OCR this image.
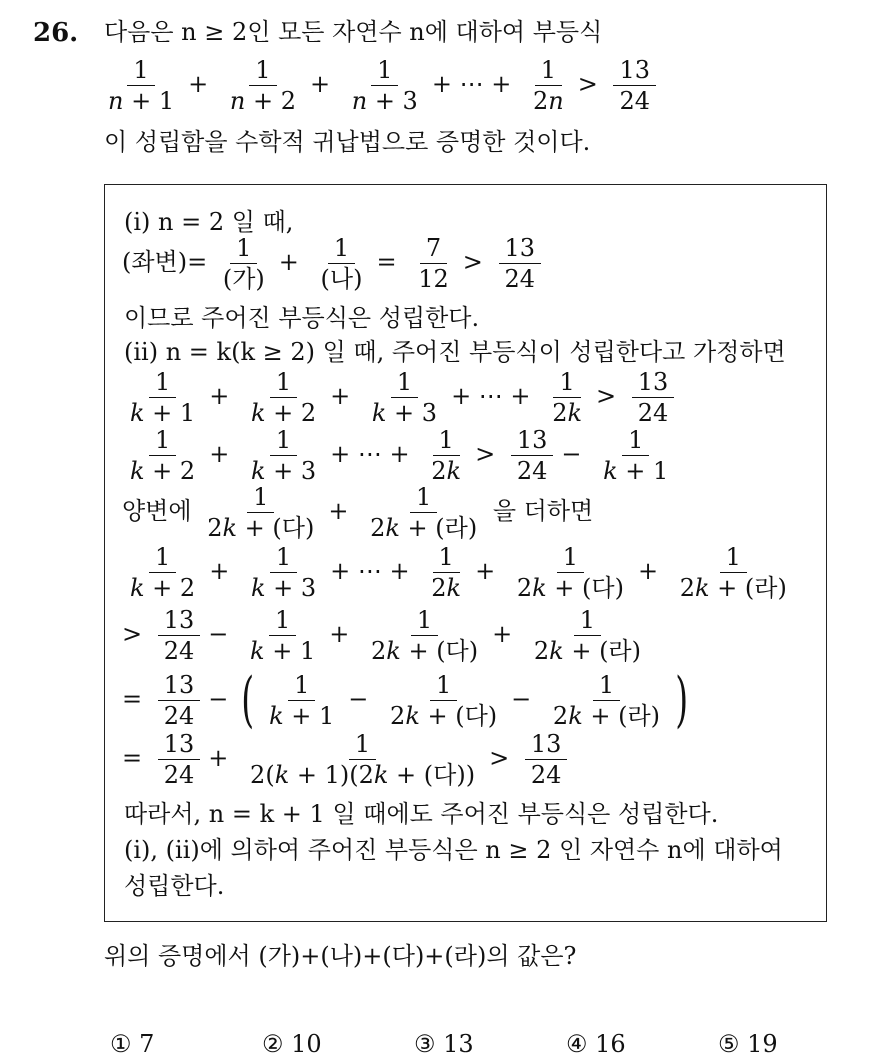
26. 다음은 n ≥ 2인 모든 자연수 n에 대하여 부등식
$\frac{1}{n + 1} + \frac{1}{n + 2} + \frac{1}{n + 3}$ + ⋯ + $\frac{1}{2n} > \frac{13}{24}$
이 성립함을 수학적 귀납법으로 증명한 것이다.
(i) n = 2 일 때,
(좌변)= $\frac{1}{\text{(가)}} + \frac{1}{\text{(나)}} = \frac{7}{12} > \frac{13}{24}$
이므로 주어진 부등식은 성립한다.
(ii) n = k(k ≥ 2) 일 때, 주어진 부등식이 성립한다고 가정하면
$\frac{1}{k + 1} + \frac{1}{k + 2} + \frac{1}{k + 3}$ + ⋯ + $\frac{1}{2k} > \frac{13}{24}$
$\frac{1}{k + 2} + \frac{1}{k + 3}$ + ⋯ + $\frac{1}{2k} > \frac{13}{24} - \frac{1}{k + 1}$
양변에 $\frac{1}{\text{2k + (다)}} + \frac{1}{\text{2k + (라)}}$ 을 더하면
$\frac{1}{k + 2} + \frac{1}{k + 3}$ + ⋯ + $\frac{1}{2k} + \frac{1}{\text{2k + (다)}} + \frac{1}{\text{2k + (라)}}$
> $\frac{13}{24} - \frac{1}{k + 1} + \frac{1}{\text{2k + (다)}} + \frac{1}{\text{2k + (라)}}$
= $\frac{13}{24}$ − ( $\frac{1}{k + 1} - \frac{1}{\text{2k + (다)}} - \frac{1}{\text{2k + (라)}}$ )
= $\frac{13}{24} + \frac{1}{\text{2(k + 1)(2k + (다))}} > \frac{13}{24}$
따라서, n = k + 1 일 때에도 주어진 부등식은 성립한다.
(i), (ii)에 의하여 주어진 부등식은 n ≥ 2 인 자연수 n에 대하여
성립한다.
위의 증명에서 (가)+(나)+(다)+(라)의 값은?
① 7	② 10	③ 13	④ 16	⑤ 19
